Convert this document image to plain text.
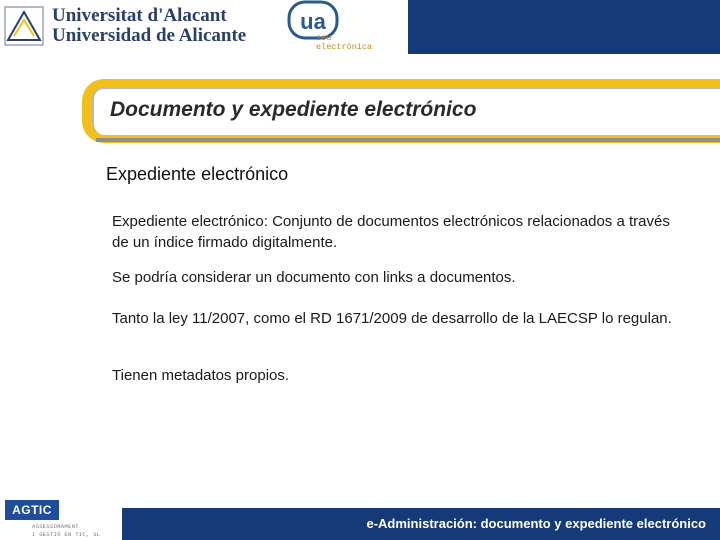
Universitat d'Alacant
Universidad de Alicante
ua
seu
electrònica
Documento y expediente electrónico
Expediente electrónico
Expediente electrónico: Conjunto de documentos electrónicos relacionados a través de un índice firmado digitalmente.
Se podría considerar un documento con links a documentos.
Tanto la ley 11/2007, como el RD 1671/2009 de desarrollo de la LAECSP lo regulan.
Tienen metadatos propios.
AGTIC
ASSESSORAMENT
I GESTIÓ EN TIC, SL
e-Administración: documento y expediente electrónico
